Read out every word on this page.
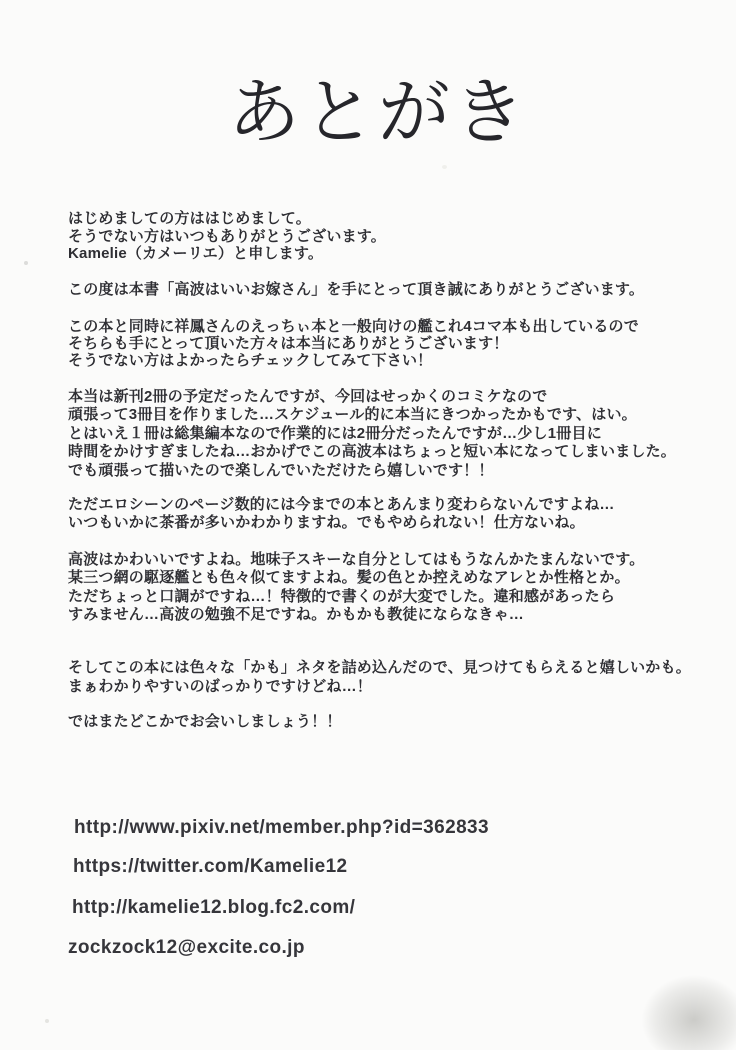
あとがき
はじめましての方ははじめまして。
そうでない方はいつもありがとうございます。
Kamelie（カメーリエ）と申します。
この度は本書「高波はいいお嫁さん」を手にとって頂き誠にありがとうございます。
この本と同時に祥鳳さんのえっちぃ本と一般向けの艦これ4コマ本も出しているので
そちらも手にとって頂いた方々は本当にありがとうございます！
そうでない方はよかったらチェックしてみて下さい！
本当は新刊2冊の予定だったんですが、今回はせっかくのコミケなので
頑張って3冊目を作りました…スケジュール的に本当にきつかったかもです、はい。
とはいえ１冊は総集編本なので作業的には2冊分だったんですが…少し1冊目に
時間をかけすぎましたね…おかげでこの高波本はちょっと短い本になってしまいました。
でも頑張って描いたので楽しんでいただけたら嬉しいです！！
ただエロシーンのページ数的には今までの本とあんまり変わらないんですよね…
いつもいかに茶番が多いかわかりますね。でもやめられない！仕方ないね。
高波はかわいいですよね。地味子スキーな自分としてはもうなんかたまんないです。
某三つ網の駆逐艦とも色々似てますよね。髪の色とか控えめなアレとか性格とか。
ただちょっと口調がですね…！特徴的で書くのが大変でした。違和感があったら
すみません…高波の勉強不足ですね。かもかも教徒にならなきゃ…
そしてこの本には色々な「かも」ネタを詰め込んだので、見つけてもらえると嬉しいかも。
まぁわかりやすいのばっかりですけどね…！
ではまたどこかでお会いしましょう！！
http://www.pixiv.net/member.php?id=362833
https://twitter.com/Kamelie12
http://kamelie12.blog.fc2.com/
zockzock12@excite.co.jp
